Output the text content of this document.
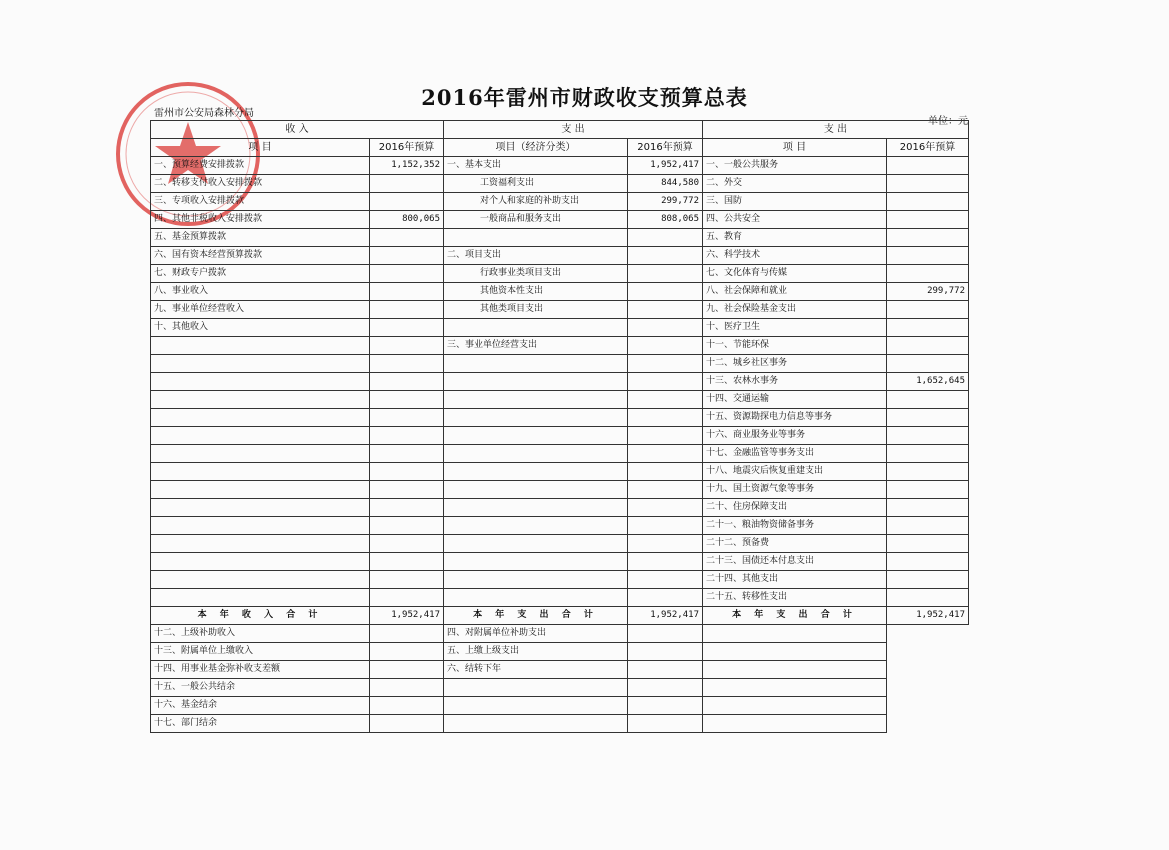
2016年雷州市财政收支预算总表
雷州市公安局森林分局
单位：元
收 入		支 出		支 出	
项 目	2016年预算	项目（经济分类）	2016年预算	项 目	2016年预算
一、预算经费安排拨款	1,152,352	一、基本支出	1,952,417	一、一般公共服务	
二、转移支付收入安排拨款		工资福利支出	844,580	二、外交	
三、专项收入安排拨款		对个人和家庭的补助支出	299,772	三、国防	
四、其他非税收入安排拨款	800,065	一般商品和服务支出	808,065	四、公共安全	
五、基金预算拨款				五、教育	
六、国有资本经营预算拨款		二、项目支出		六、科学技术	
七、财政专户拨款		行政事业类项目支出		七、文化体育与传媒	
八、事业收入		其他资本性支出		八、社会保障和就业	299,772
九、事业单位经营收入		其他类项目支出		九、社会保险基金支出	
十、其他收入				十、医疗卫生	
		三、事业单位经营支出		十一、节能环保	
				十二、城乡社区事务	
				十三、农林水事务	1,652,645
				十四、交通运输	
				十五、资源勘探电力信息等事务	
				十六、商业服务业等事务	
				十七、金融监管等事务支出	
				十八、地震灾后恢复重建支出	
				十九、国土资源气象等事务	
				二十、住房保障支出	
				二十一、粮油物资储备事务	
				二十二、预备费	
				二十三、国债还本付息支出	
				二十四、其他支出	
				二十五、转移性支出	
本 年 收 入 合 计	1,952,417	本 年 支 出 合 计	1,952,417	本 年 支 出 合 计	1,952,417
十二、上级补助收入		四、对附属单位补助支出			
十三、附属单位上缴收入		五、上缴上级支出			
十四、用事业基金弥补收支差额		六、结转下年			
十五、一般公共结余					
十六、基金结余					
十七、部门结余					
